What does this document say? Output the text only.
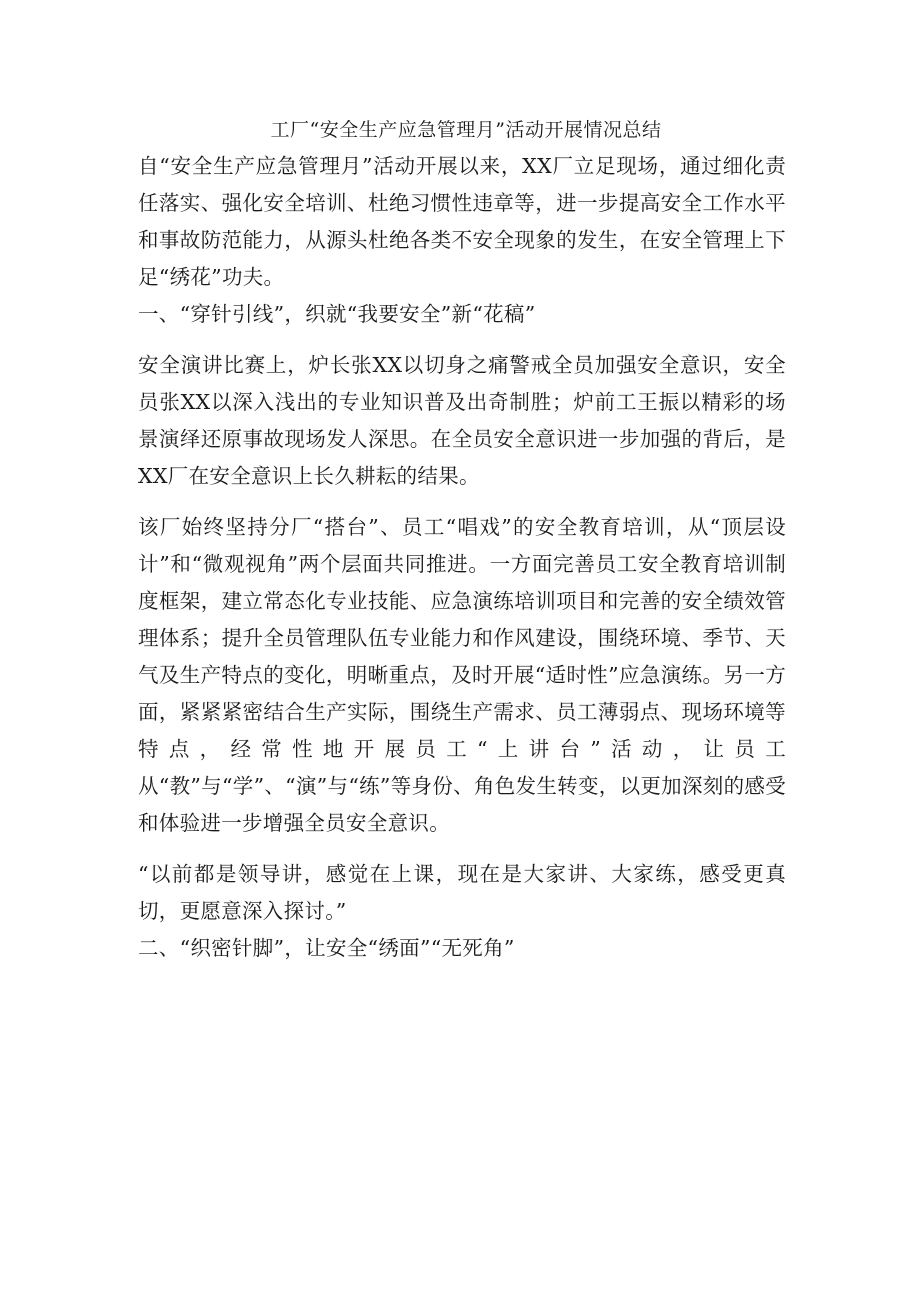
工厂“安全生产应急管理月”活动开展情况总结

自“安全生产应急管理月”活动开展以来，XX厂立足现场，通过细化责任落实、强化安全培训、杜绝习惯性违章等，进一步提高安全工作水平和事故防范能力，从源头杜绝各类不安全现象的发生，在安全管理上下足“绣花”功夫。

一、“穿针引线”，织就“我要安全”新“花稿”

安全演讲比赛上，炉长张XX以切身之痛警戒全员加强安全意识，安全员张XX以深入浅出的专业知识普及出奇制胜；炉前工王振以精彩的场景演绎还原事故现场发人深思。在全员安全意识进一步加强的背后，是XX厂在安全意识上长久耕耘的结果。

该厂始终坚持分厂“搭台”、员工“唱戏”的安全教育培训，从“顶层设计”和“微观视角”两个层面共同推进。一方面完善员工安全教育培训制度框架，建立常态化专业技能、应急演练培训项目和完善的安全绩效管理体系；提升全员管理队伍专业能力和作风建设，围绕环境、季节、天气及生产特点的变化，明晰重点，及时开展“适时性”应急演练。另一方面，紧紧紧密结合生产实际，围绕生产需求、员工薄弱点、现场环境等特点，经常性地开展员工“上讲台”活动，让员工从“教”与“学”、“演”与“练”等身份、角色发生转变，以更加深刻的感受和体验进一步增强全员安全意识。

“以前都是领导讲，感觉在上课，现在是大家讲、大家练，感受更真切，更愿意深入探讨。”

二、“织密针脚”，让安全“绣面”“无死角”
